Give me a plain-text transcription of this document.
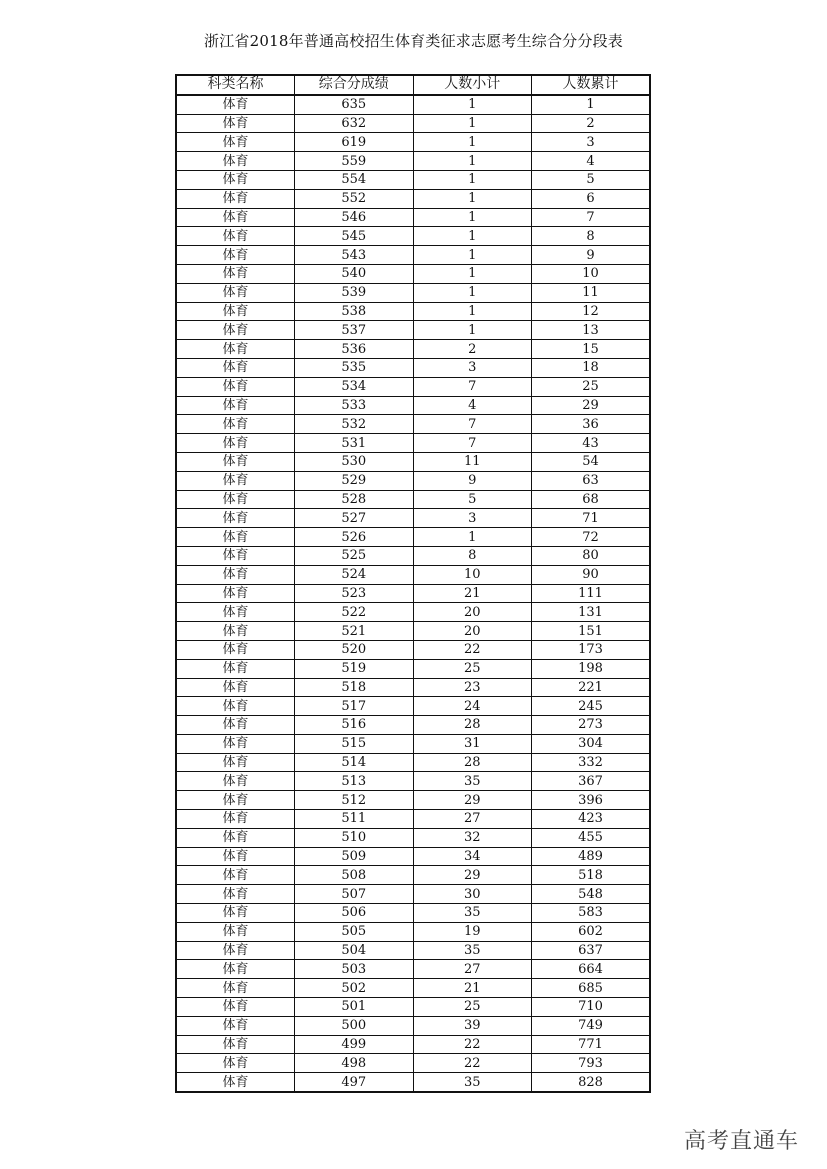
浙江省2018年普通高校招生体育类征求志愿考生综合分分段表
科类名称	综合分成绩	人数小计	人数累计
体育	635	1	1
体育	632	1	2
体育	619	1	3
体育	559	1	4
体育	554	1	5
体育	552	1	6
体育	546	1	7
体育	545	1	8
体育	543	1	9
体育	540	1	10
体育	539	1	11
体育	538	1	12
体育	537	1	13
体育	536	2	15
体育	535	3	18
体育	534	7	25
体育	533	4	29
体育	532	7	36
体育	531	7	43
体育	530	11	54
体育	529	9	63
体育	528	5	68
体育	527	3	71
体育	526	1	72
体育	525	8	80
体育	524	10	90
体育	523	21	111
体育	522	20	131
体育	521	20	151
体育	520	22	173
体育	519	25	198
体育	518	23	221
体育	517	24	245
体育	516	28	273
体育	515	31	304
体育	514	28	332
体育	513	35	367
体育	512	29	396
体育	511	27	423
体育	510	32	455
体育	509	34	489
体育	508	29	518
体育	507	30	548
体育	506	35	583
体育	505	19	602
体育	504	35	637
体育	503	27	664
体育	502	21	685
体育	501	25	710
体育	500	39	749
体育	499	22	771
体育	498	22	793
体育	497	35	828
高考直通车
